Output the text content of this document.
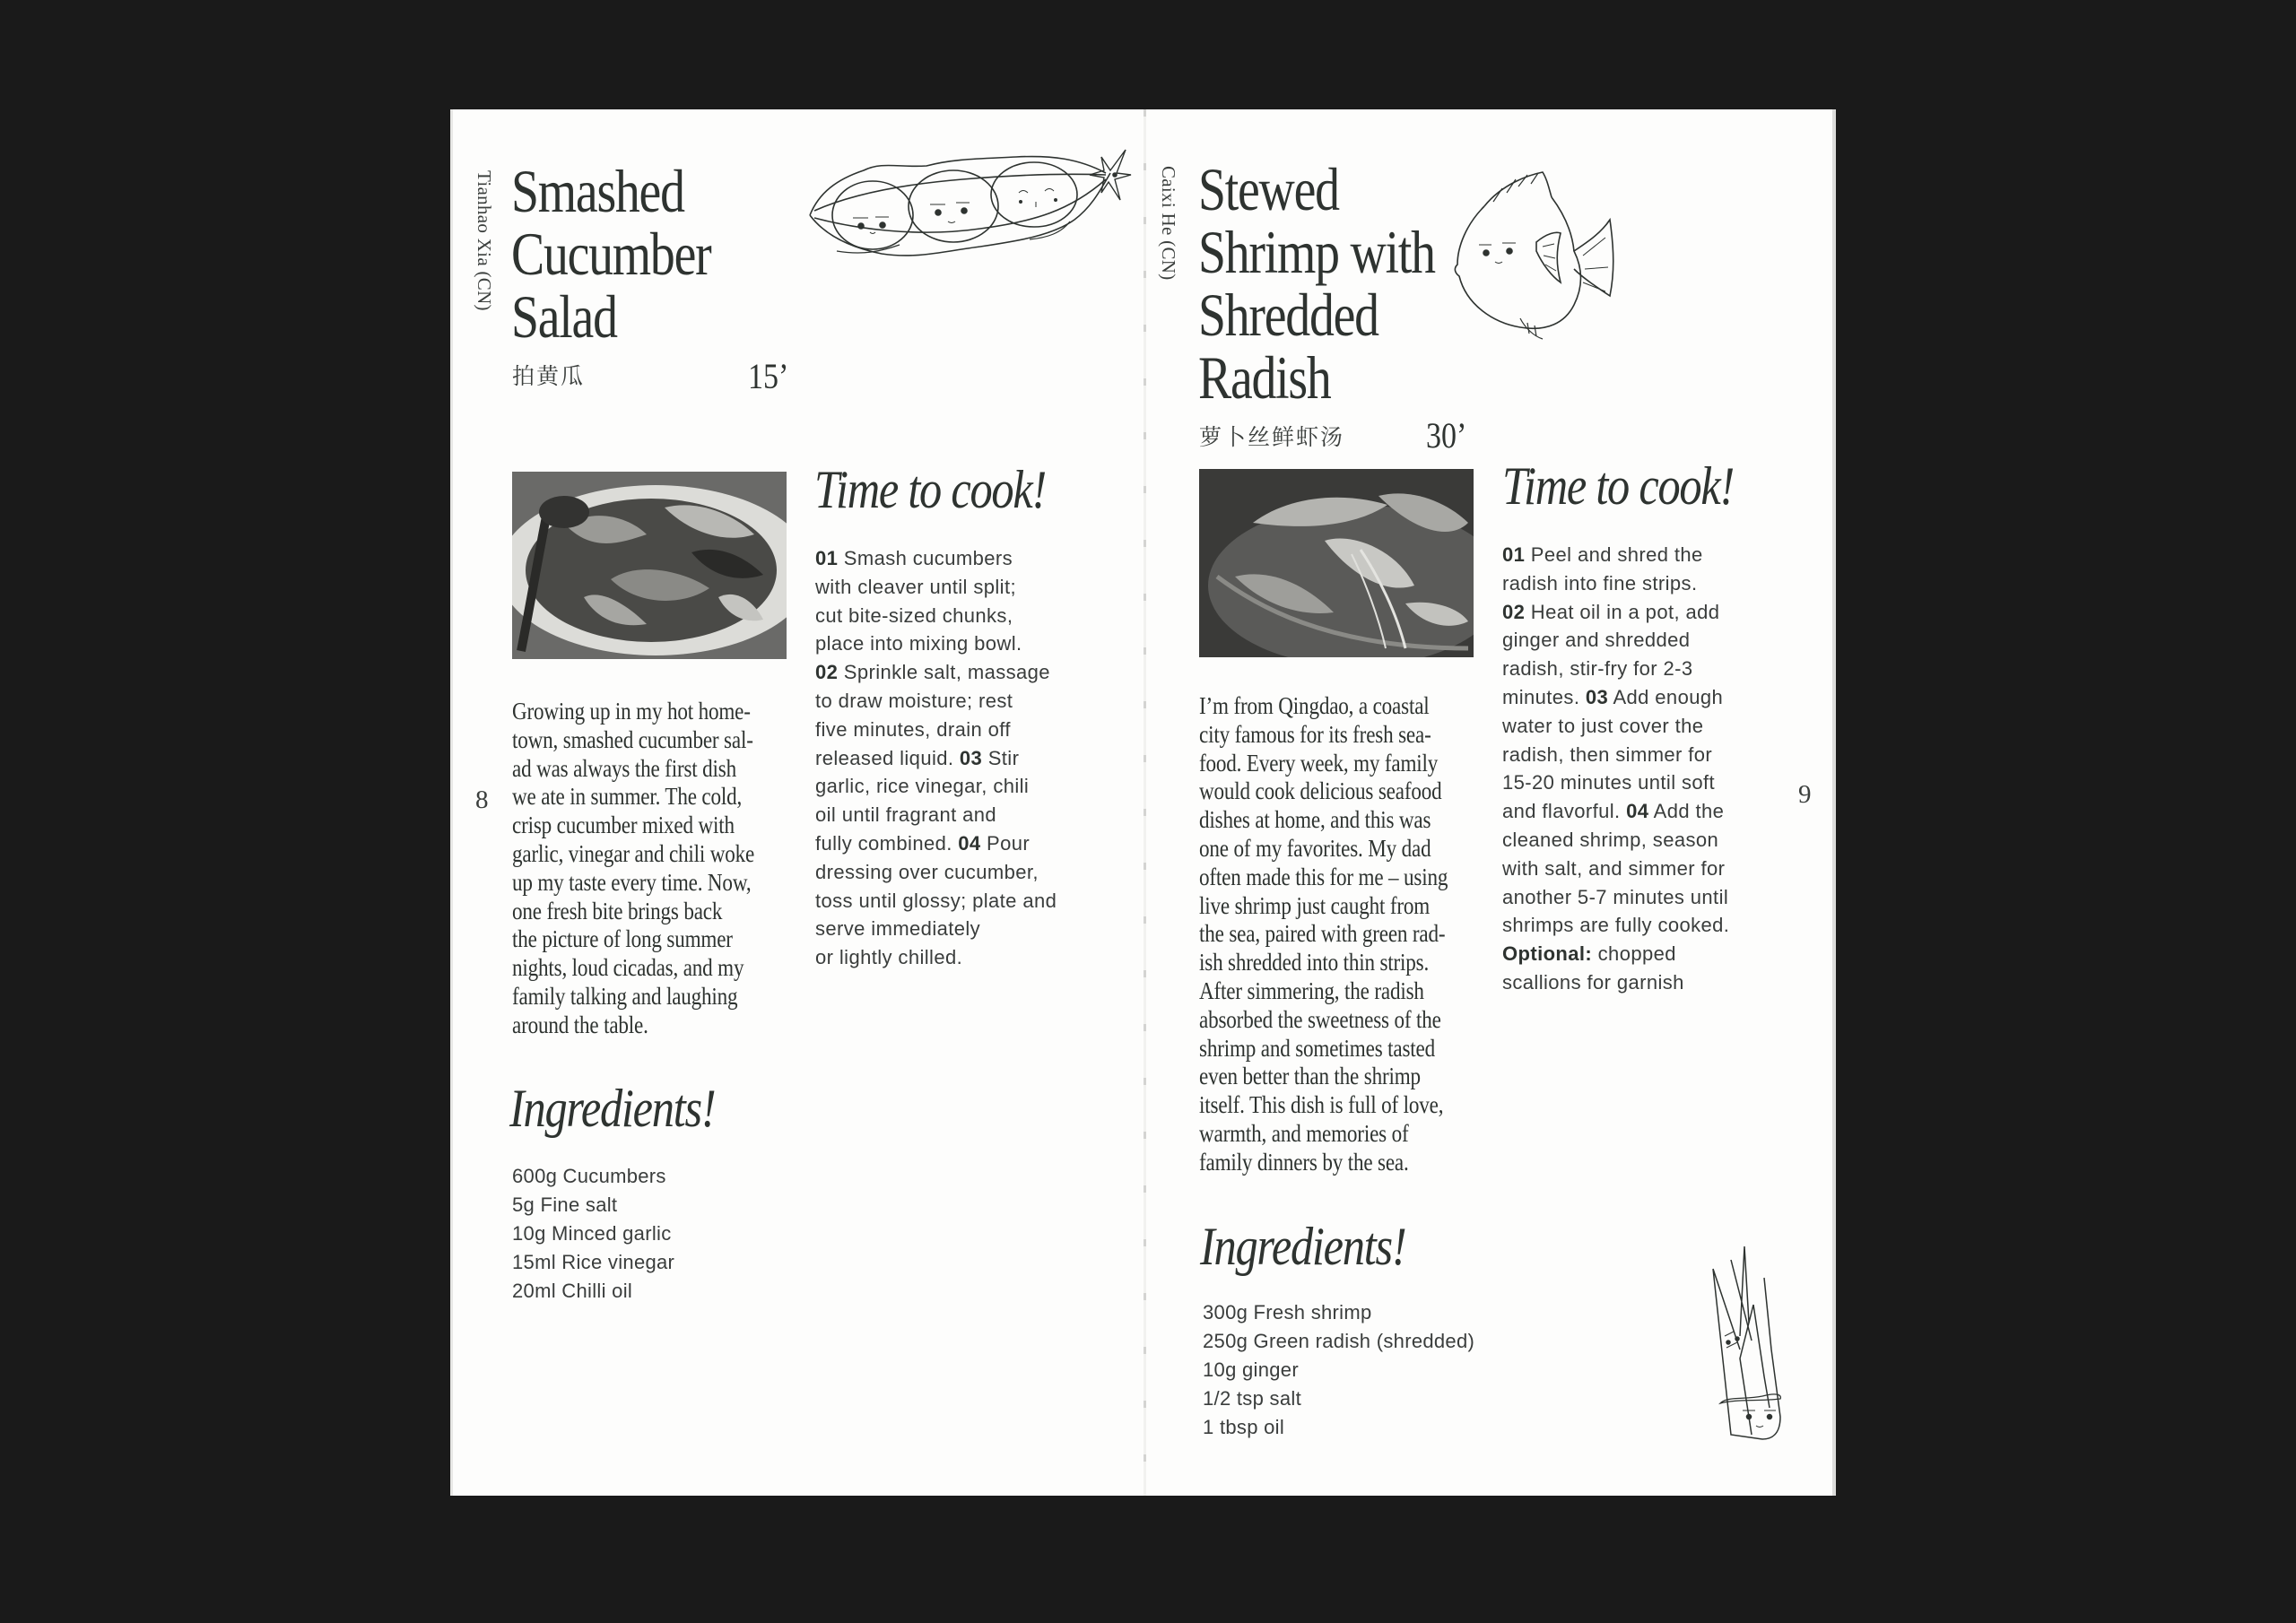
Tianhao Xia (CN) Smashed
Cucumber
Salad
拍黄瓜	15’
Growing up in my hot home-
town, smashed cucumber sal-
ad was always the first dish
we ate in summer. The cold,
crisp cucumber mixed with
garlic, vinegar and chili woke
up my taste every time. Now,
one fresh bite brings back
the picture of long summer
nights, loud cicadas, and my
family talking and laughing
around the table.
8
Time to cook!
01 Smash cucumbers
with cleaver until split;
cut bite-sized chunks,
place into mixing bowl.
02 Sprinkle salt, massage
to draw moisture; rest
five minutes, drain off
released liquid. 03 Stir
garlic, rice vinegar, chili
oil until fragrant and
fully combined. 04 Pour
dressing over cucumber,
toss until glossy; plate and
serve immediately
or lightly chilled.
Ingredients!
600g Cucumbers
5g Fine salt
10g Minced garlic
15ml Rice vinegar
20ml Chilli oil
Caixi He (CN) Stewed
Shrimp with
Shredded
Radish
萝卜丝鲜虾汤 30’
I’m from Qingdao, a coastal
city famous for its fresh sea-
food. Every week, my family
would cook delicious seafood
dishes at home, and this was
one of my favorites. My dad
often made this for me – using
live shrimp just caught from
the sea, paired with green rad-
ish shredded into thin strips.
After simmering, the radish
absorbed the sweetness of the
shrimp and sometimes tasted
even better than the shrimp
itself. This dish is full of love,
warmth, and memories of
family dinners by the sea.
Time to cook!
01 Peel and shred the
radish into fine strips.
02 Heat oil in a pot, add
ginger and shredded
radish, stir-fry for 2-3
minutes. 03 Add enough
water to just cover the
radish, then simmer for
15-20 minutes until soft
and flavorful. 04 Add the
cleaned shrimp, season
with salt, and simmer for
another 5-7 minutes until
shrimps are fully cooked.
Optional: chopped
scallions for garnish
9
Ingredients!
300g Fresh shrimp
250g Green radish (shredded)
10g ginger
1/2 tsp salt
1 tbsp oil
